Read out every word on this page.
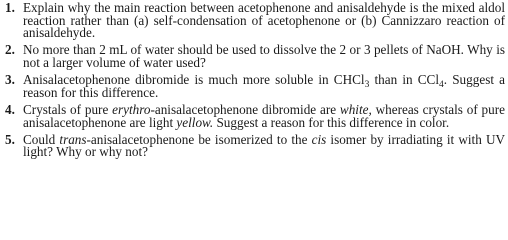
1. Explain why the main reaction between acetophenone and anisaldehyde is the mixed aldol reaction rather than (a) self-condensation of acetophenone or (b) Cannizzaro reaction of anisaldehyde.
2. No more than 2 mL of water should be used to dissolve the 2 or 3 pellets of NaOH. Why is not a larger volume of water used?
3. Anisalacetophenone dibromide is much more soluble in CHCl$_3$ than in CCl$_4$. Suggest a reason for this difference.
4. Crystals of pure erythro-anisalacetophenone dibromide are white, whereas crystals of pure anisalacetophenone are light yellow. Suggest a reason for this difference in color.
5. Could trans-anisalacetophenone be isomerized to the cis isomer by irradiating it with UV light? Why or why not?
